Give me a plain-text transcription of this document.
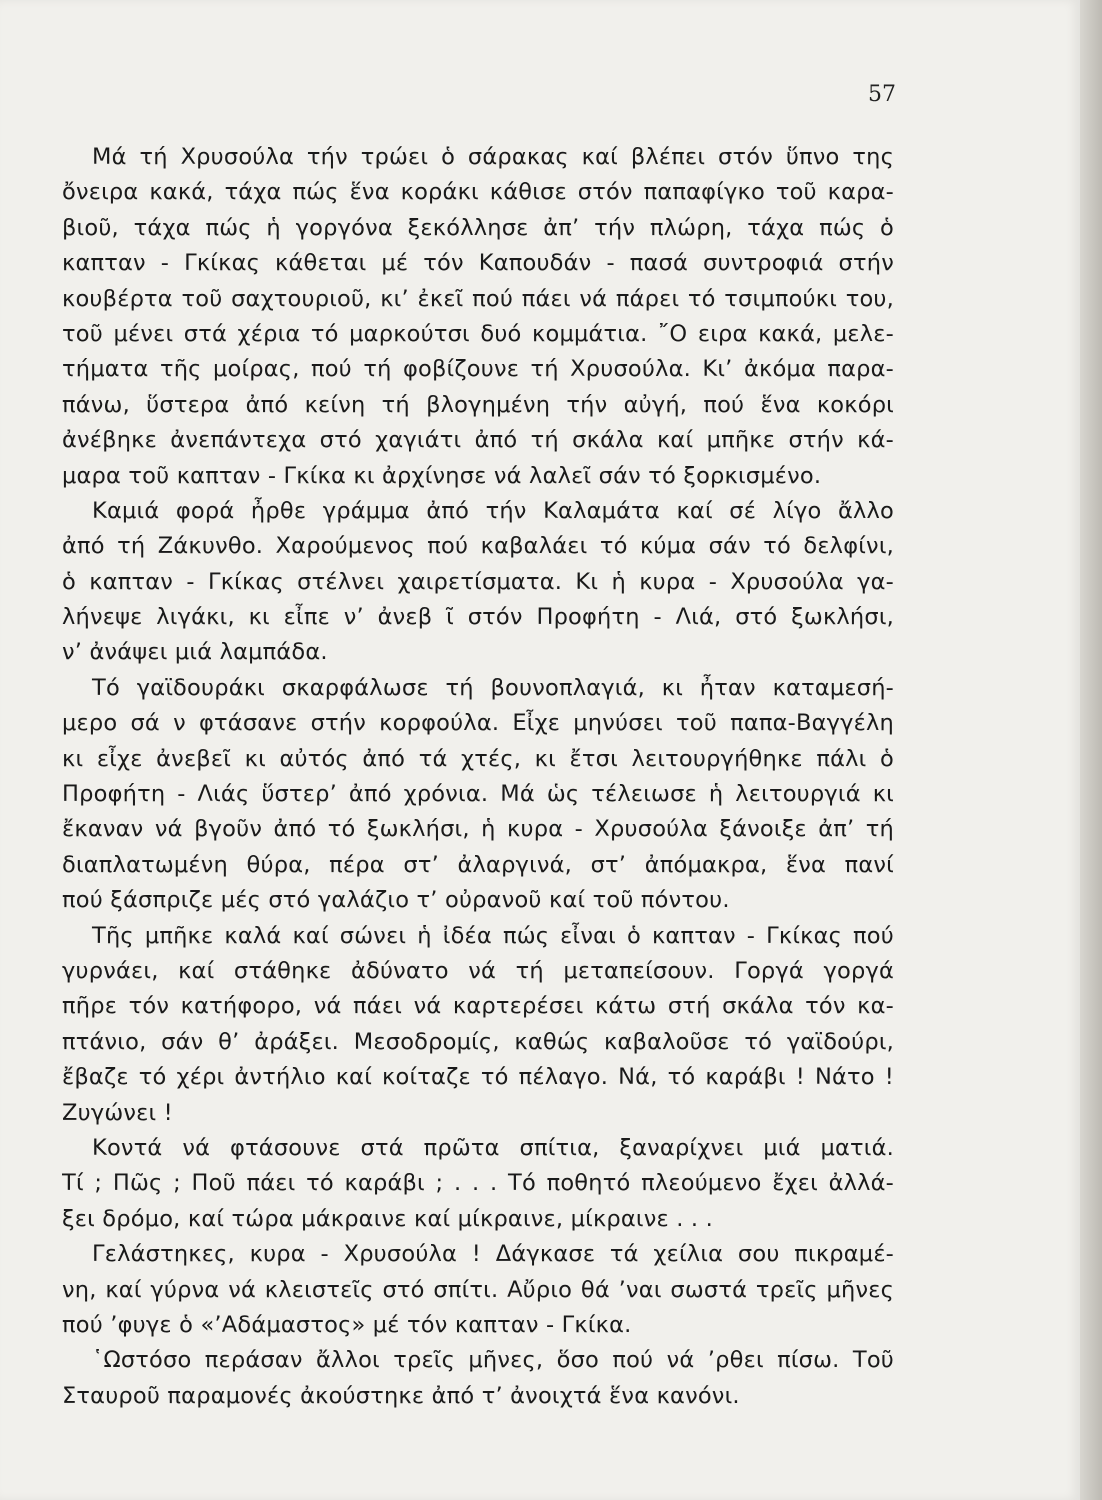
57
Μά τή Χρυσούλα τήν τρώει ὁ σάρακας καί βλέπει στόν ὕπνο της
ὄνειρα κακά, τάχα πώς ἕνα κοράκι κάθισε στόν παπαφίγκο τοῦ καρα-
βιοῦ, τάχα πώς ἡ γοργόνα ξεκόλλησε ἀπ’ τήν πλώρη, τάχα πώς ὁ
καπταν - Γκίκας κάθεται μέ τόν Καπουδάν - πασά συντροφιά στήν
κουβέρτα τοῦ σαχτουριοῦ, κι’ ἐκεῖ πού πάει νά πάρει τό τσιμπούκι του,
τοῦ μένει στά χέρια τό μαρκούτσι δυό κομμάτια. ῎Ο ειρα κακά, μελε-
τήματα τῆς μοίρας, πού τή φοβίζουνε τή Χρυσούλα. Κι’ ἀκόμα παρα-
πάνω, ὕστερα ἀπό κείνη τή βλογημένη τήν αὐγή, πού ἕνα κοκόρι
ἀνέβηκε ἀνεπάντεχα στό χαγιάτι ἀπό τή σκάλα καί μπῆκε στήν κά-
μαρα τοῦ καπταν - Γκίκα κι ἀρχίνησε νά λαλεῖ σάν τό ξορκισμένο.
Καμιά φορά ἦρθε γράμμα ἀπό τήν Καλαμάτα καί σέ λίγο ἄλλο
ἀπό τή Ζάκυνθο. Χαρούμενος πού καβαλάει τό κύμα σάν τό δελφίνι,
ὁ καπταν - Γκίκας στέλνει χαιρετίσματα. Κι ἡ κυρα - Χρυσούλα γα-
λήνεψε λιγάκι, κι εἶπε ν’ ἀνεβ ῖ στόν Προφήτη - Λιά, στό ξωκλήσι,
ν’ ἀνάψει μιά λαμπάδα.
Τό γαϊδουράκι σκαρφάλωσε τή βουνοπλαγιά, κι ἦταν καταμεσή-
μερο σά ν φτάσανε στήν κορφούλα. Εἶχε μηνύσει τοῦ παπα-Βαγγέλη
κι εἶχε ἀνεβεῖ κι αὐτός ἀπό τά χτές, κι ἔτσι λειτουργήθηκε πάλι ὁ
Προφήτη - Λιάς ὕστερ’ ἀπό χρόνια. Μά ὡς τέλειωσε ἡ λειτουργιά κι
ἔκαναν νά βγοῦν ἀπό τό ξωκλήσι, ἡ κυρα - Χρυσούλα ξάνοιξε ἀπ’ τή
διαπλατωμένη θύρα, πέρα στ’ ἀλαργινά, στ’ ἀπόμακρα, ἕνα πανί
πού ξάσπριζε μές στό γαλάζιο τ’ οὐρανοῦ καί τοῦ πόντου.
Τῆς μπῆκε καλά καί σώνει ἡ ἰδέα πώς εἶναι ὁ καπταν - Γκίκας πού
γυρνάει, καί στάθηκε ἀδύνατο νά τή μεταπείσουν. Γοργά γοργά
πῆρε τόν κατήφορο, νά πάει νά καρτερέσει κάτω στή σκάλα τόν κα-
πτάνιο, σάν θ’ ἀράξει. Μεσοδρομίς, καθώς καβαλοῦσε τό γαϊδούρι,
ἔβαζε τό χέρι ἀντήλιο καί κοίταζε τό πέλαγο. Νά, τό καράβι ! Νάτο !
Ζυγώνει !
Κοντά νά φτάσουνε στά πρῶτα σπίτια, ξαναρίχνει μιά ματιά.
Τί ; Πῶς ; Ποῦ πάει τό καράβι ; . . . Τό ποθητό πλεούμενο ἔχει ἀλλά-
ξει δρόμο, καί τώρα μάκραινε καί μίκραινε, μίκραινε . . .
Γελάστηκες, κυρα - Χρυσούλα ! Δάγκασε τά χείλια σου πικραμέ-
νη, καί γύρνα νά κλειστεῖς στό σπίτι. Αὔριο θά ’ναι σωστά τρεῖς μῆνες
πού ’φυγε ὁ «’Αδάμαστος» μέ τόν καπταν - Γκίκα.
῾Ωστόσο περάσαν ἄλλοι τρεῖς μῆνες, ὅσο πού νά ’ρθει πίσω. Τοῦ
Σταυροῦ παραμονές ἀκούστηκε ἀπό τ’ ἀνοιχτά ἕνα κανόνι.
